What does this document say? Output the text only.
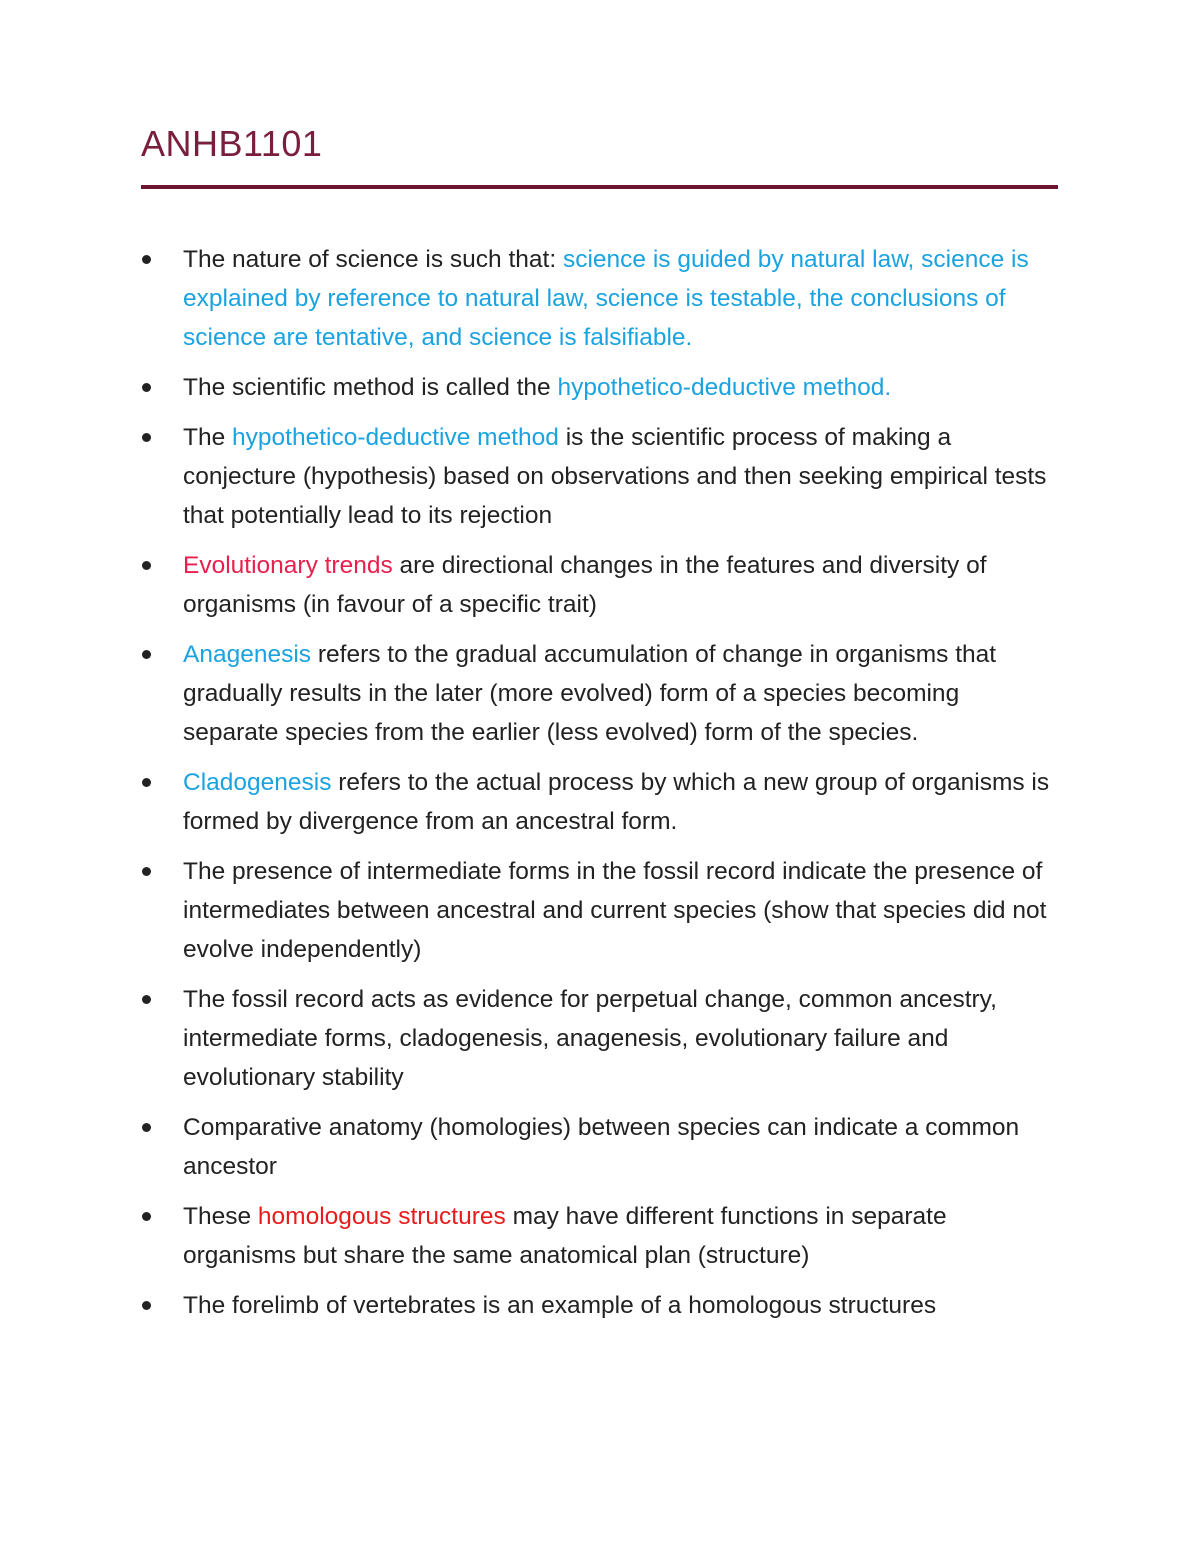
ANHB1101
The nature of science is such that: science is guided by natural law, science is explained by reference to natural law, science is testable, the conclusions of science are tentative, and science is falsifiable.
The scientific method is called the hypothetico-deductive method.
The hypothetico-deductive method is the scientific process of making a conjecture (hypothesis) based on observations and then seeking empirical tests that potentially lead to its rejection
Evolutionary trends are directional changes in the features and diversity of organisms (in favour of a specific trait)
Anagenesis refers to the gradual accumulation of change in organisms that gradually results in the later (more evolved) form of a species becoming separate species from the earlier (less evolved) form of the species.
Cladogenesis refers to the actual process by which a new group of organisms is formed by divergence from an ancestral form.
The presence of intermediate forms in the fossil record indicate the presence of intermediates between ancestral and current species (show that species did not evolve independently)
The fossil record acts as evidence for perpetual change, common ancestry, intermediate forms, cladogenesis, anagenesis, evolutionary failure and evolutionary stability
Comparative anatomy (homologies) between species can indicate a common ancestor
These homologous structures may have different functions in separate organisms but share the same anatomical plan (structure)
The forelimb of vertebrates is an example of a homologous structures
